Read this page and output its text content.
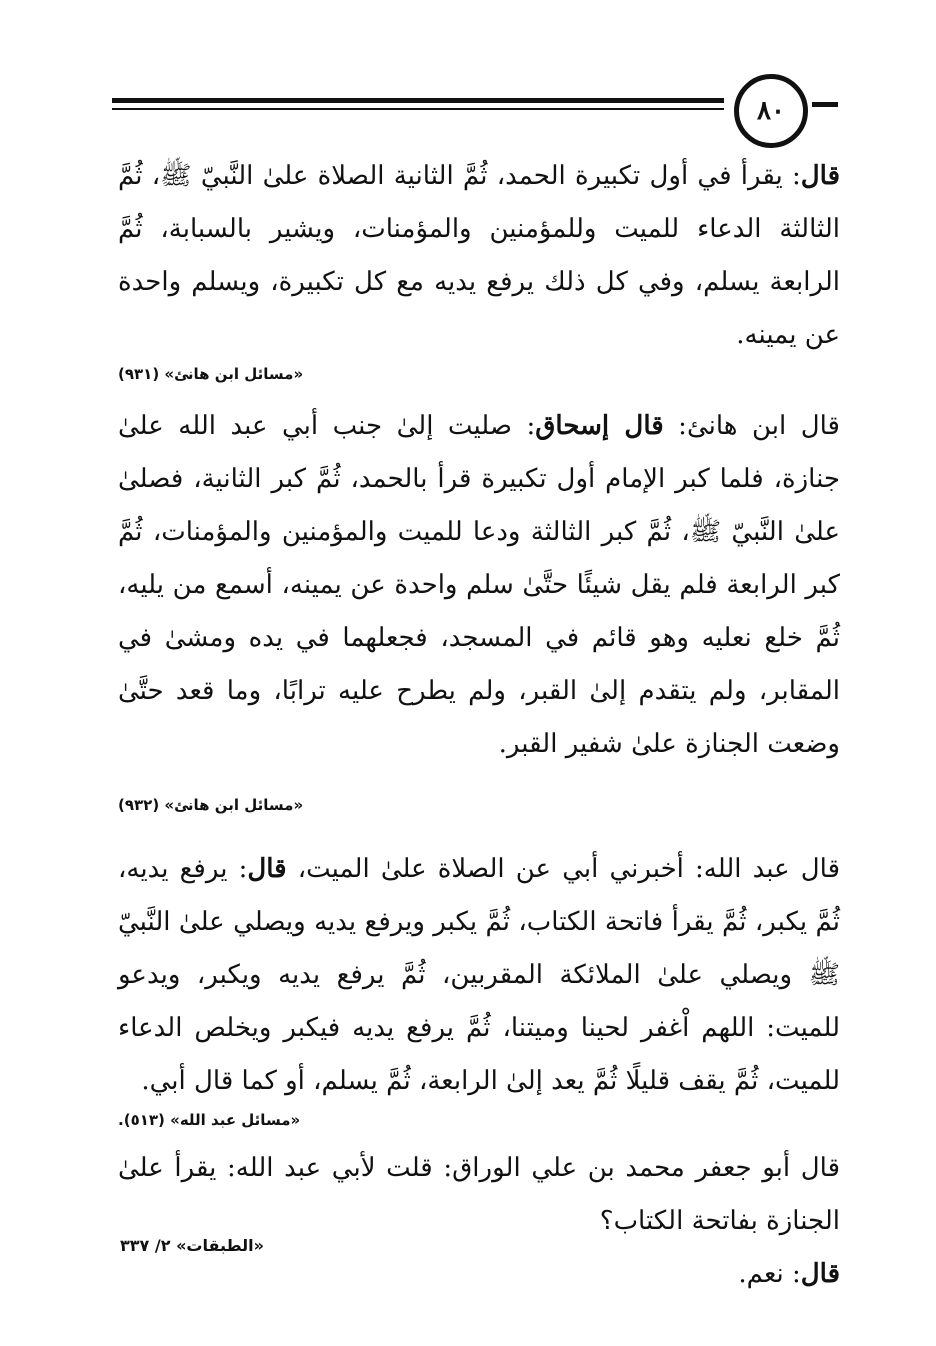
٨٠

قال: يقرأ في أول تكبيرة الحمد، ثُمَّ الثانية الصلاة علىٰ النَّبيّ ﷺ، ثُمَّ الثالثة الدعاء للميت وللمؤمنين والمؤمنات، ويشير بالسبابة، ثُمَّ الرابعة يسلم، وفي كل ذلك يرفع يديه مع كل تكبيرة، ويسلم واحدة عن يمينه.

«مسائل ابن هانئ» (٩٣١)

قال ابن هانئ: قال إسحاق: صليت إلىٰ جنب أبي عبد الله علىٰ جنازة، فلما كبر الإمام أول تكبيرة قرأ بالحمد، ثُمَّ كبر الثانية، فصلىٰ علىٰ النَّبيّ ﷺ، ثُمَّ كبر الثالثة ودعا للميت والمؤمنين والمؤمنات، ثُمَّ كبر الرابعة فلم يقل شيئًا حتَّىٰ سلم واحدة عن يمينه، أسمع من يليه، ثُمَّ خلع نعليه وهو قائم في المسجد، فجعلهما في يده ومشىٰ في المقابر، ولم يتقدم إلىٰ القبر، ولم يطرح عليه ترابًا، وما قعد حتَّىٰ وضعت الجنازة علىٰ شفير القبر.

«مسائل ابن هانئ» (٩٣٢)

قال عبد الله: أخبرني أبي عن الصلاة علىٰ الميت، قال: يرفع يديه، ثُمَّ يكبر، ثُمَّ يقرأ فاتحة الكتاب، ثُمَّ يكبر ويرفع يديه ويصلي علىٰ النَّبيّ ﷺ ويصلي علىٰ الملائكة المقربين، ثُمَّ يرفع يديه ويكبر، ويدعو للميت: اللهم اْغفر لحينا وميتنا، ثُمَّ يرفع يديه فيكبر ويخلص الدعاء للميت، ثُمَّ يقف قليلًا ثُمَّ يعد إلىٰ الرابعة، ثُمَّ يسلم، أو كما قال أبي.

«مسائل عبد الله» (٥١٣).

قال أبو جعفر محمد بن علي الوراق: قلت لأبي عبد الله: يقرأ علىٰ الجنازة بفاتحة الكتاب؟

قال: نعم.

«الطبقات» ٢/ ٣٣٧
